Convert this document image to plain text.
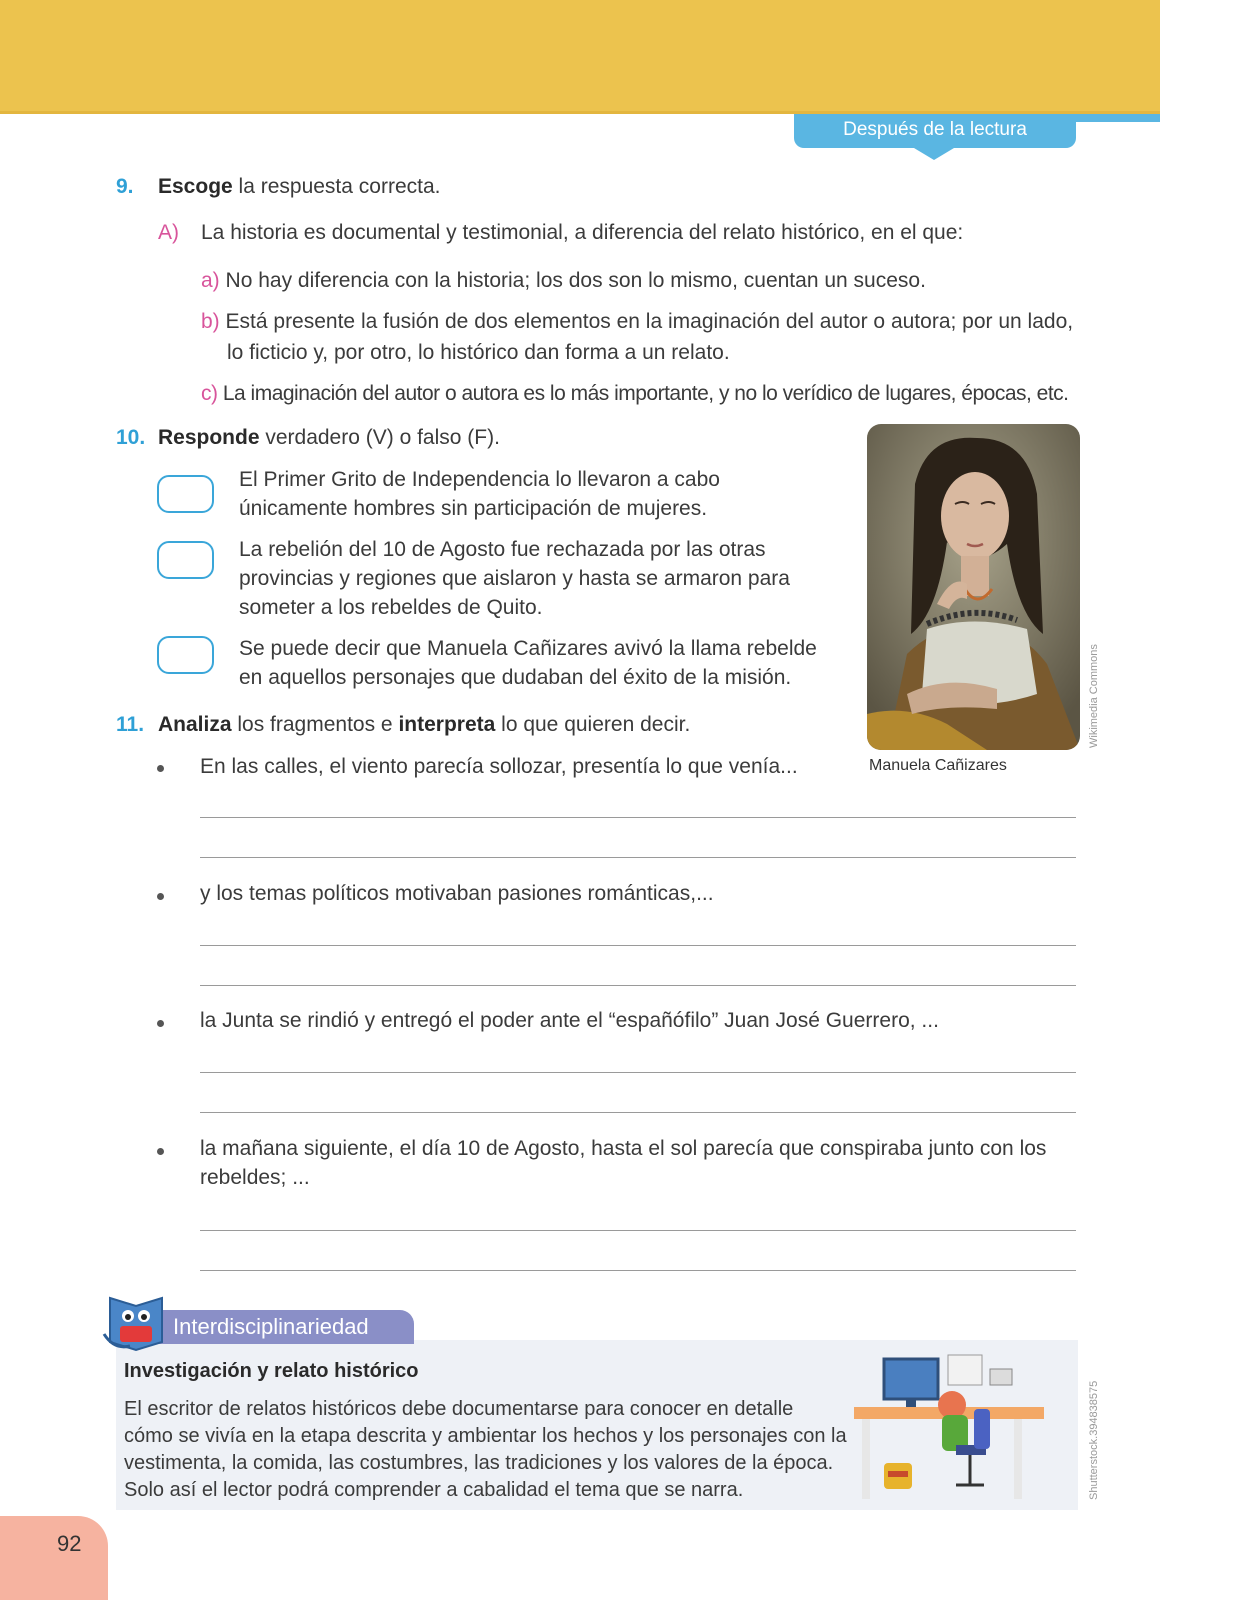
Después de la lectura
9. Escoge la respuesta correcta.
A) La historia es documental y testimonial, a diferencia del relato histórico, en el que:
a) No hay diferencia con la historia; los dos son lo mismo, cuentan un suceso.
b) Está presente la fusión de dos elementos en la imaginación del autor o autora; por un lado,
lo ficticio y, por otro, lo histórico dan forma a un relato.
c) La imaginación del autor o autora es lo más importante, y no lo verídico de lugares, épocas, etc.
10. Responde verdadero (V) o falso (F).
El Primer Grito de Independencia lo llevaron a cabo
únicamente hombres sin participación de mujeres.
La rebelión del 10 de Agosto fue rechazada por las otras
provincias y regiones que aislaron y hasta se armaron para
someter a los rebeldes de Quito.
Se puede decir que Manuela Cañizares avivó la llama rebelde
en aquellos personajes que dudaban del éxito de la misión.
Manuela Cañizares
Wikimedia Commons
11. Analiza los fragmentos e interpreta lo que quieren decir.
En las calles, el viento parecía sollozar, presentía lo que venía...
y los temas políticos motivaban pasiones románticas,...
la Junta se rindió y entregó el poder ante el “españófilo” Juan José Guerrero, ...
la mañana siguiente, el día 10 de Agosto, hasta el sol parecía que conspiraba junto con los
rebeldes; ...
Interdisciplinariedad
Investigación y relato histórico
El escritor de relatos históricos debe documentarse para conocer en detalle
cómo se vivía en la etapa descrita y ambientar los hechos y los personajes con la
vestimenta, la comida, las costumbres, las tradiciones y los valores de la época.
Solo así el lector podrá comprender a cabalidad el tema que se narra.	Shutterstock.394838575
92
